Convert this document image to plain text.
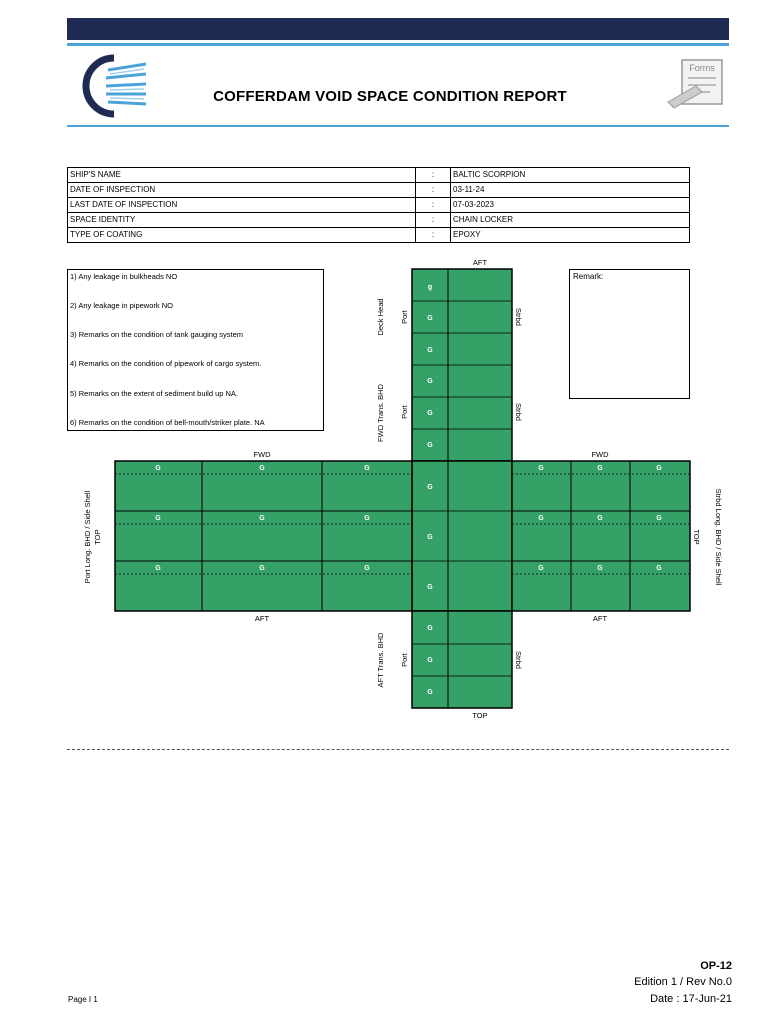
COFFERDAM VOID SPACE CONDITION REPORT
Forms
SHIP'S NAME	:	BALTIC SCORPION
DATE OF INSPECTION	:	03-11-24
LAST DATE OF INSPECTION	:	07-03-2023
SPACE IDENTITY	:	CHAIN LOCKER
TYPE OF COATING	:	EPOXY
1) Any leakage in bulkheads NO
2) Any leakage in pipework NO
3) Remarks on the condition of tank gauging system
4) Remarks on the condition of pipework of cargo system.
5) Remarks on the extent of sediment build up NA.
6) Remarks on the condition of bell-mouth/striker plate. NA
Remark:
g
G
G
G
G
G
G
G
G
G
G
G
G	G	G
G	G	G
G	G	G
G	G	G
G	G	G
G	G	G
AFT
FWD	FWD
AFT	AFT
TOP
Deck Head Port
FWD Trans. BHD Port
AFT Trans. BHD Port
Strbd
Strbd
Strbd
Port Long. BHD / Side Shell TOP	Strbd Long. BHD / Side Shell
TOP
OP-12
Edition 1 / Rev No.0
Date : 17-Jun-21
Page I 1
